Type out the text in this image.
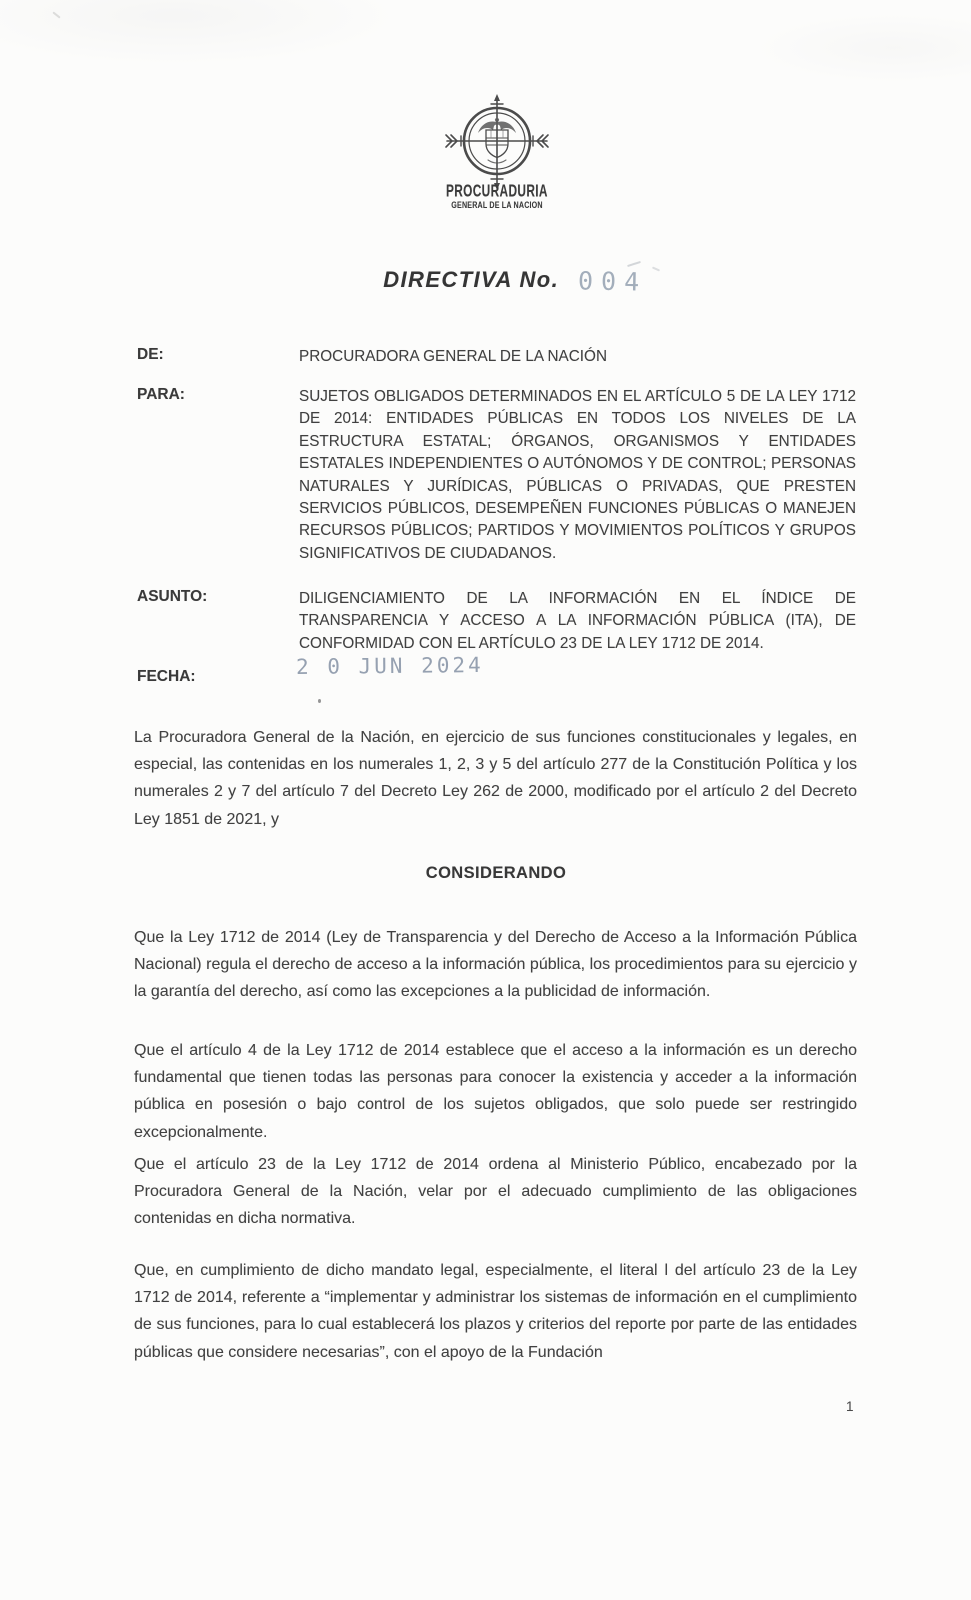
PROCURADURIA
GENERAL DE LA NACION
DIRECTIVA No. 004
DE:	PROCURADORA GENERAL DE LA NACIÓN
PARA:	SUJETOS OBLIGADOS DETERMINADOS EN EL ARTÍCULO 5 DE LA LEY 1712 DE 2014: ENTIDADES PÚBLICAS EN TODOS LOS NIVELES DE LA ESTRUCTURA ESTATAL; ÓRGANOS, ORGANISMOS Y ENTIDADES ESTATALES INDEPENDIENTES O AUTÓNOMOS Y DE CONTROL; PERSONAS NATURALES Y JURÍDICAS, PÚBLICAS O PRIVADAS, QUE PRESTEN SERVICIOS PÚBLICOS, DESEMPEÑEN FUNCIONES PÚBLICAS O MANEJEN RECURSOS PÚBLICOS; PARTIDOS Y MOVIMIENTOS POLÍTICOS Y GRUPOS SIGNIFICATIVOS DE CIUDADANOS.
ASUNTO:	DILIGENCIAMIENTO DE LA INFORMACIÓN EN EL ÍNDICE DE TRANSPARENCIA Y ACCESO A LA INFORMACIÓN PÚBLICA (ITA), DE CONFORMIDAD CON EL ARTÍCULO 23 DE LA LEY 1712 DE 2014.
FECHA:	2 0 JUN 2024
La Procuradora General de la Nación, en ejercicio de sus funciones constitucionales y legales, en especial, las contenidas en los numerales 1, 2, 3 y 5 del artículo 277 de la Constitución Política y los numerales 2 y 7 del artículo 7 del Decreto Ley 262 de 2000, modificado por el artículo 2 del Decreto Ley 1851 de 2021, y
CONSIDERANDO
Que la Ley 1712 de 2014 (Ley de Transparencia y del Derecho de Acceso a la Información Pública Nacional) regula el derecho de acceso a la información pública, los procedimientos para su ejercicio y la garantía del derecho, así como las excepciones a la publicidad de información.
Que el artículo 4 de la Ley 1712 de 2014 establece que el acceso a la información es un derecho fundamental que tienen todas las personas para conocer la existencia y acceder a la información pública en posesión o bajo control de los sujetos obligados, que solo puede ser restringido excepcionalmente.
Que el artículo 23 de la Ley 1712 de 2014 ordena al Ministerio Público, encabezado por la Procuradora General de la Nación, velar por el adecuado cumplimiento de las obligaciones contenidas en dicha normativa.
Que, en cumplimiento de dicho mandato legal, especialmente, el literal l del artículo 23 de la Ley 1712 de 2014, referente a “implementar y administrar los sistemas de información en el cumplimiento de sus funciones, para lo cual establecerá los plazos y criterios del reporte por parte de las entidades públicas que considere necesarias”, con el apoyo de la Fundación
1
